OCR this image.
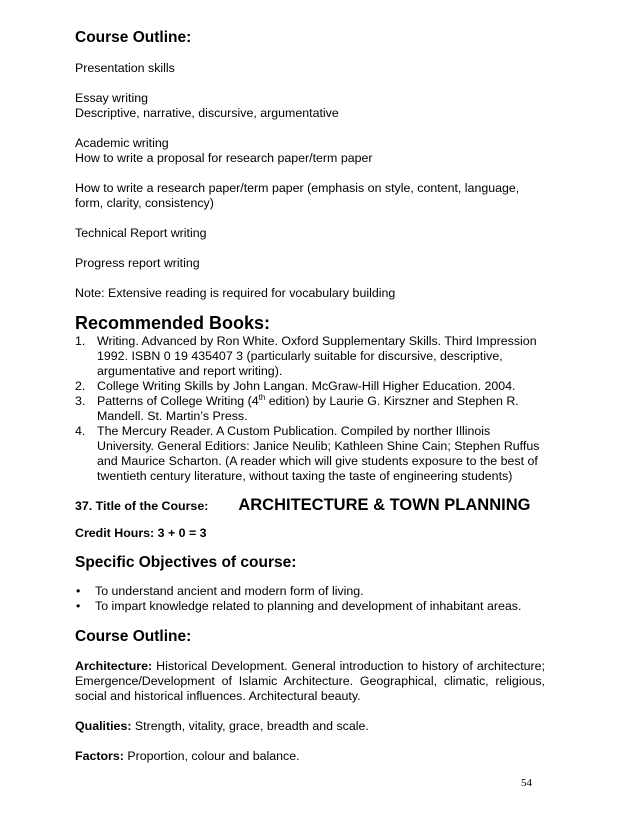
Course Outline:

Presentation skills

Essay writing

Descriptive, narrative, discursive, argumentative

Academic writing

How to write a proposal for research paper/term paper

How to write a research paper/term paper (emphasis on style, content, language, form, clarity, consistency)

Technical Report writing

Progress report writing

Note: Extensive reading is required for vocabulary building

Recommended Books:
1. Writing. Advanced by Ron White. Oxford Supplementary Skills. Third Impression 1992. ISBN 0 19 435407 3 (particularly suitable for discursive, descriptive, argumentative and report writing).
2. College Writing Skills by John Langan. McGraw-Hill Higher Education. 2004.
3. Patterns of College Writing (4th edition) by Laurie G. Kirszner and Stephen R. Mandell. St. Martin’s Press.
4. The Mercury Reader. A Custom Publication. Compiled by norther Illinois University. General Editiors: Janice Neulib; Kathleen Shine Cain; Stephen Ruffus and Maurice Scharton. (A reader which will give students exposure to the best of twentieth century literature, without taxing the taste of engineering students)
37. Title of the Course: ARCHITECTURE & TOWN PLANNING

Credit Hours: 3 + 0 = 3

Specific Objectives of course:
• To understand ancient and modern form of living.
• To impart knowledge related to planning and development of inhabitant areas.
Course Outline:

Architecture: Historical Development. General introduction to history of architecture; Emergence/Development of Islamic Architecture. Geographical, climatic, religious, social and historical influences. Architectural beauty.

Qualities: Strength, vitality, grace, breadth and scale.

Factors: Proportion, colour and balance.

54
